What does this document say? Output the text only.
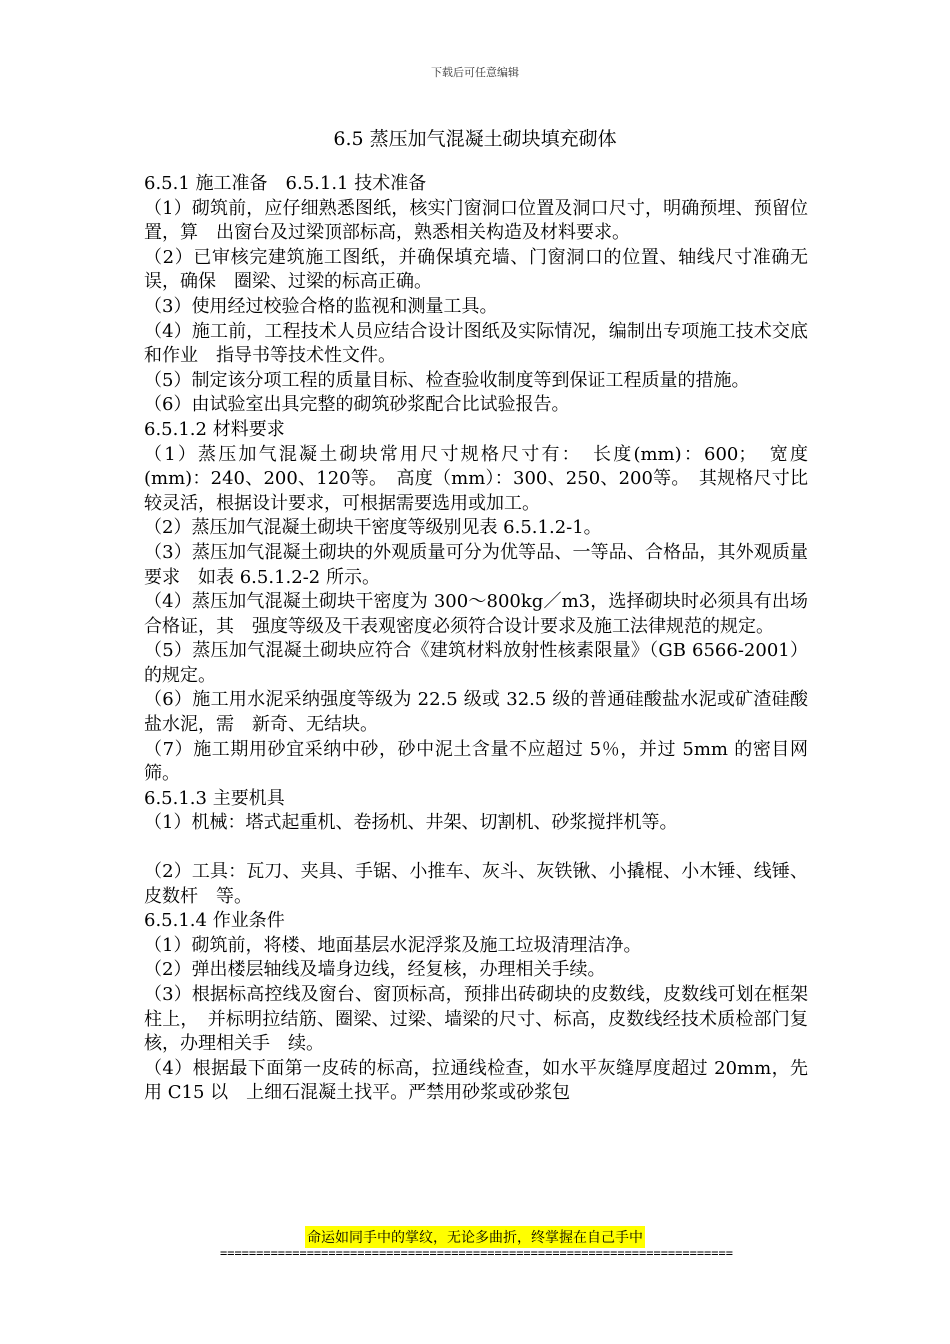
下载后可任意编辑
6.5 蒸压加气混凝土砌块填充砌体

6.5.1 施工准备　6.5.1.1 技术准备

（1）砌筑前，应仔细熟悉图纸，核实门窗洞口位置及洞口尺寸，明确预埋、预留位置，算　出窗台及过梁顶部标高，熟悉相关构造及材料要求。

（2）已审核完建筑施工图纸，并确保填充墙、门窗洞口的位置、轴线尺寸准确无误，确保　圈梁、过梁的标高正确。

（3）使用经过校验合格的监视和测量工具。

（4）施工前，工程技术人员应结合设计图纸及实际情况，编制出专项施工技术交底和作业　指导书等技术性文件。

（5）制定该分项工程的质量目标、检查验收制度等到保证工程质量的措施。

（6）由试验室出具完整的砌筑砂浆配合比试验报告。

6.5.1.2 材料要求

（1）蒸压加气混凝土砌块常用尺寸规格尺寸有：　长度(mm)：600；　宽度(mm)：240、200、120等。　高度（mm）：300、250、200等。　其规格尺寸比较灵活，根据设计要求，可根据需要选用或加工。

（2）蒸压加气混凝土砌块干密度等级别见表 6.5.1.2-1。

（3）蒸压加气混凝土砌块的外观质量可分为优等品、一等品、合格品，其外观质量要求　如表 6.5.1.2-2 所示。

（4）蒸压加气混凝土砌块干密度为 300～800kg／m3，选择砌块时必须具有出场合格证，其　强度等级及干表观密度必须符合设计要求及施工法律规范的规定。

（5）蒸压加气混凝土砌块应符合《建筑材料放射性核素限量》（GB 6566-2001）的规定。

（6）施工用水泥采纳强度等级为 22.5 级或 32.5 级的普通硅酸盐水泥或矿渣硅酸盐水泥，需　新奇、无结块。

（7）施工期用砂宜采纳中砂，砂中泥土含量不应超过 5％，并过 5mm 的密目网筛。

6.5.1.3 主要机具

（1）机械：塔式起重机、卷扬机、井架、切割机、砂浆搅拌机等。

（2）工具：瓦刀、夹具、手锯、小推车、灰斗、灰铁锹、小撬棍、小木锤、线锤、皮数杆　等。

6.5.1.4 作业条件

（1）砌筑前，将楼、地面基层水泥浮浆及施工垃圾清理洁净。

（2）弹出楼层轴线及墙身边线，经复核，办理相关手续。

（3）根据标高控线及窗台、窗顶标高，预排出砖砌块的皮数线，皮数线可划在框架柱上，　并标明拉结筋、圈梁、过梁、墙梁的尺寸、标高，皮数线经技术质检部门复核，办理相关手　续。

（4）根据最下面第一皮砖的标高，拉通线检查，如水平灰缝厚度超过 20mm，先用 C15 以　上细石混凝土找平。严禁用砂浆或砂浆包

命运如同手中的掌纹，无论多曲折，终掌握在自己手中
=======================================================================
